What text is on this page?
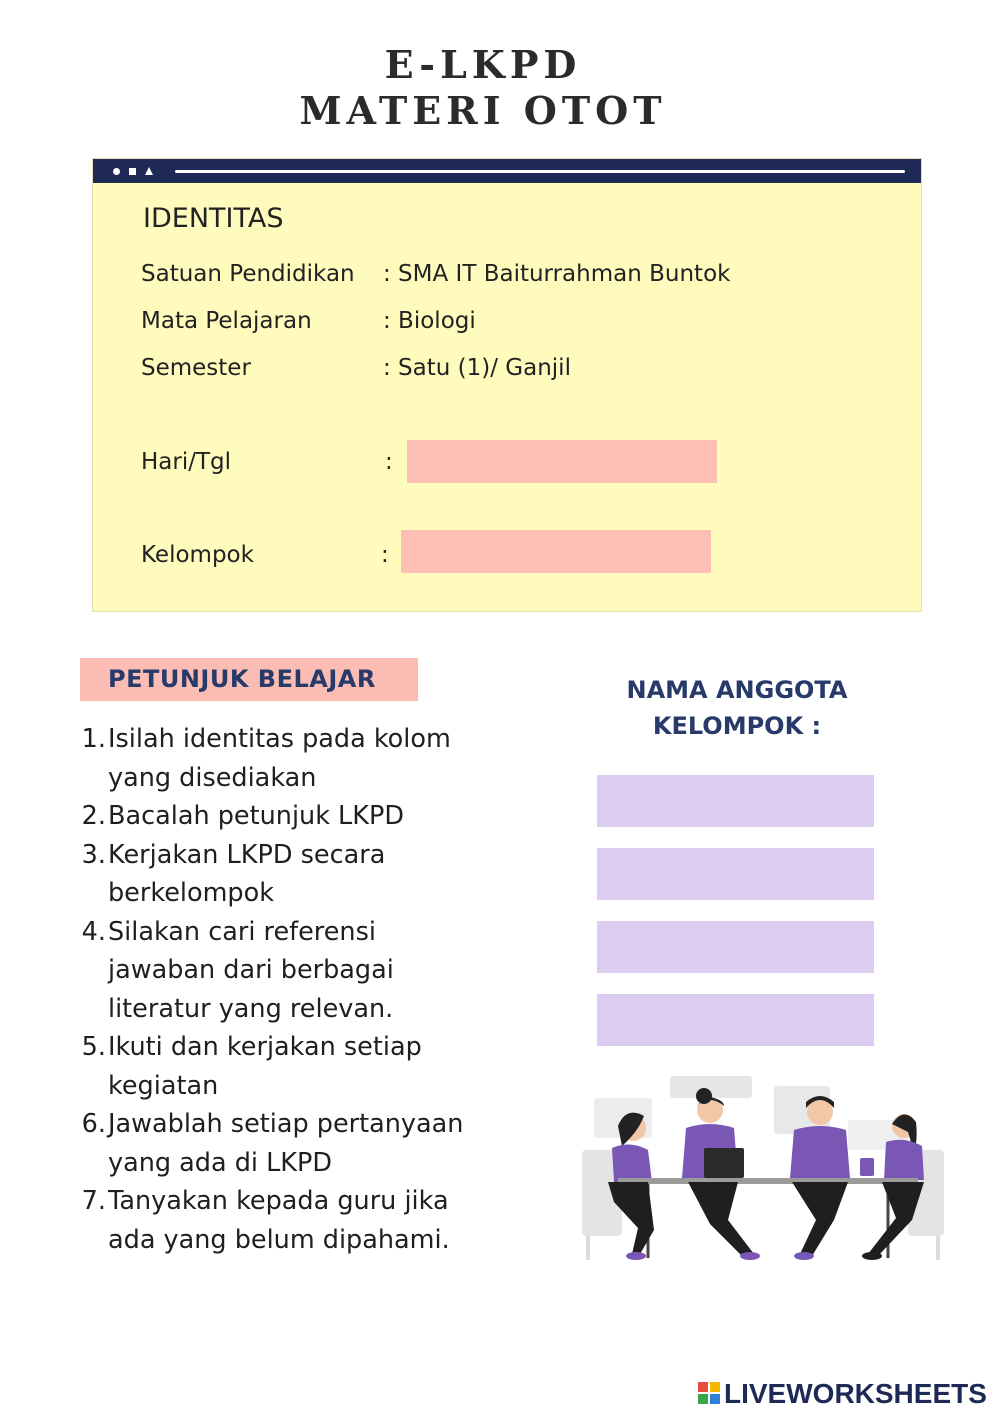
E-LKPD
MATERI OTOT
IDENTITAS
Satuan Pendidikan : SMA IT Baiturrahman Buntok
Mata Pelajaran	: Biologi
Semester	: Satu (1)/ Ganjil
Hari/Tgl	:
Kelompok	:
PETUNJUK BELAJAR
1. Isilah identitas pada kolom
yang disediakan
2. Bacalah petunjuk LKPD
3. Kerjakan LKPD secara
berkelompok
4. Silakan cari referensi
jawaban dari berbagai
literatur yang relevan.
5. Ikuti dan kerjakan setiap
kegiatan
6. Jawablah setiap pertanyaan
yang ada di LKPD
7. Tanyakan kepada guru jika
ada yang belum dipahami.
NAMA ANGGOTA
KELOMPOK :
LIVEWORKSHEETS
